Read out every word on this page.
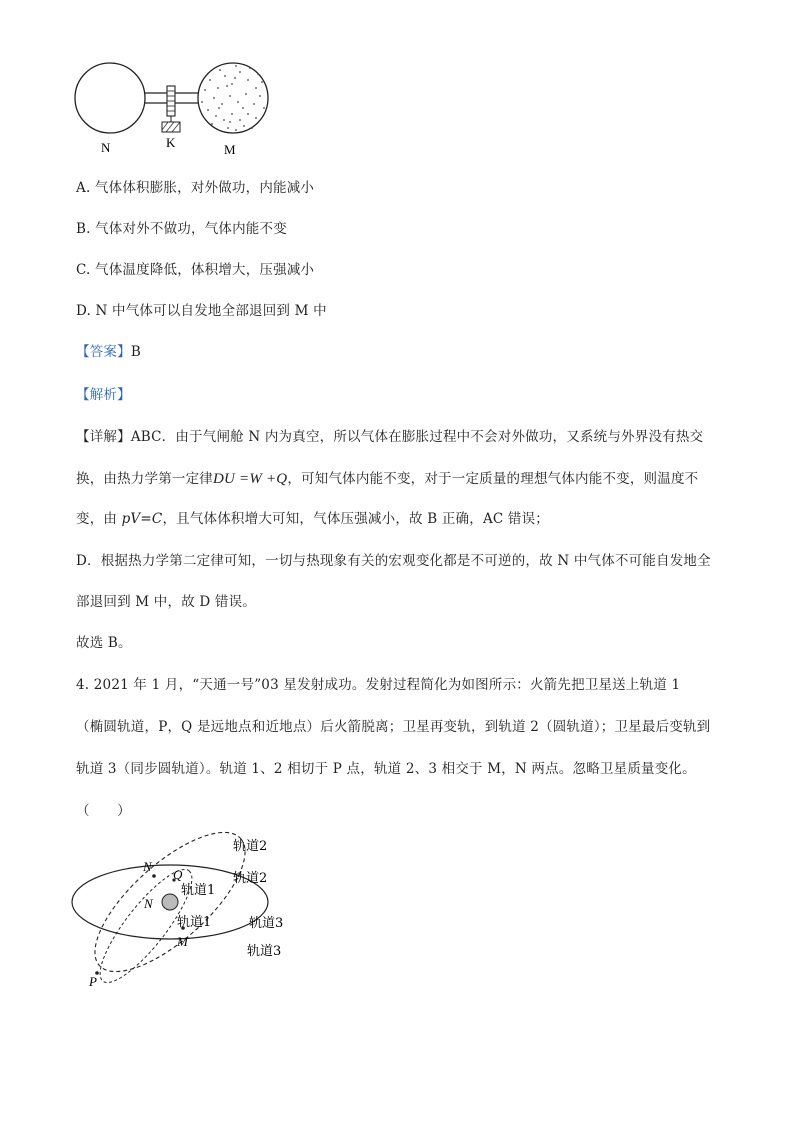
N	K	M
A. 气体体积膨胀，对外做功，内能减小
B. 气体对外不做功，气体内能不变
C. 气体温度降低，体积增大，压强减小
D. N 中气体可以自发地全部退回到 M 中
【答案】B
【解析】
【详解】ABC．由于气闸舱 N 内为真空，所以气体在膨胀过程中不会对外做功，又系统与外界没有热交
换，由热力学第一定律DU =W +Q，可知气体内能不变，对于一定质量的理想气体内能不变，则温度不
变，由 pV=C，且气体体积增大可知，气体压强减小，故 B 正确，AC 错误；
D．根据热力学第二定律可知，一切与热现象有关的宏观变化都是不可逆的，故 N 中气体不可能自发地全
部退回到 M 中，故 D 错误。
故选 B。
4. 2021 年 1 月，“天通一号”03 星发射成功。发射过程简化为如图所示：火箭先把卫星送上轨道 1
（椭圆轨道，P，Q 是远地点和近地点）后火箭脱离；卫星再变轨，到轨道 2（圆轨道）；卫星最后变轨到
轨道 3（同步圆轨道）。轨道 1、2 相切于 P 点，轨道 2、3 相交于 M，N 两点。忽略卫星质量变化。
（　　）
轨道2
轨道2
N
Q
轨道1
N
轨道1	轨道3
M
轨道3
P
